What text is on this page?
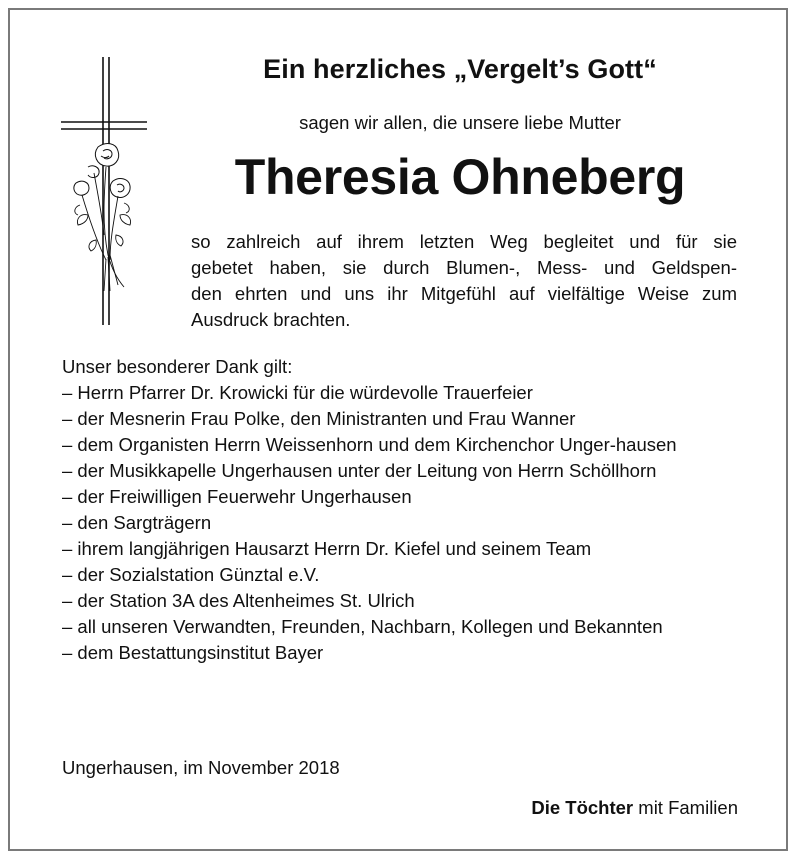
Ein herzliches „Vergelt’s Gott“
sagen wir allen, die unsere liebe Mutter
Theresia Ohneberg
so zahlreich auf ihrem letzten Weg begleitet und für sie
gebetet haben, sie durch Blumen-, Mess- und Geldspen-
den ehrten und uns ihr Mitgefühl auf vielfältige Weise zum
Ausdruck brachten.
Unser besonderer Dank gilt:
– Herrn Pfarrer Dr. Krowicki für die würdevolle Trauerfeier
– der Mesnerin Frau Polke, den Ministranten und Frau Wanner
– dem Organisten Herrn Weissenhorn und dem Kirchenchor Unger-hausen
– der Musikkapelle Ungerhausen unter der Leitung von Herrn Schöllhorn
– der Freiwilligen Feuerwehr Ungerhausen
– den Sargträgern
– ihrem langjährigen Hausarzt Herrn Dr. Kiefel und seinem Team
– der Sozialstation Günztal e.V.
– der Station 3A des Altenheimes St. Ulrich
– all unseren Verwandten, Freunden, Nachbarn, Kollegen und Bekannten
– dem Bestattungsinstitut Bayer
Ungerhausen, im November 2018
Die Töchter mit Familien
